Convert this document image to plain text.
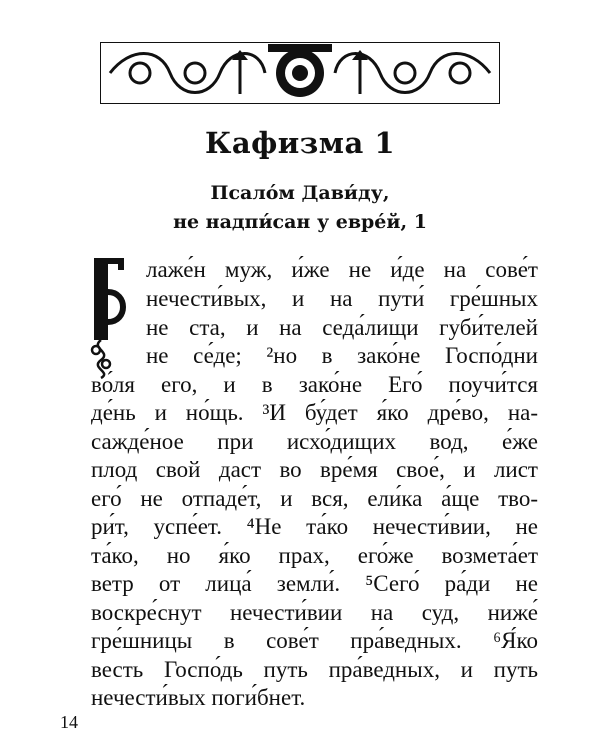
Кафизма 1
Псало́м Дави́ду,
не надпи́сан у евре́й, 1
лаже́н муж, и́же не и́де на сове́т
нечести́вых, и на пути́ гре́шных
не ста, и на седа́лищи губи́телей
не се́де; ²но в зако́не Госпо́дни
во́ля его, и в зако́не Его́ поучи́тся
де́нь и но́щь. ³И бу́дет я́ко дре́во, на-
сажде́ное при исхо́дищих вод, е́же
плод свой даст во вре́мя свое́, и лист
его́ не отпаде́т, и вся, ели́ка а́ще тво-
ри́т, успе́ет. ⁴Не та́ко нечести́вии, не
та́ко, но я́ко прах, его́же возмета́ет
ветр от лица́ земли́. ⁵Сего́ ра́ди не
воскре́снут нечести́вии на суд, ниже́
гре́шницы в сове́т пра́ведных. ⁶Я́ко
весть Госпо́дь путь пра́ведных, и путь
нечести́вых поги́бнет.
14
